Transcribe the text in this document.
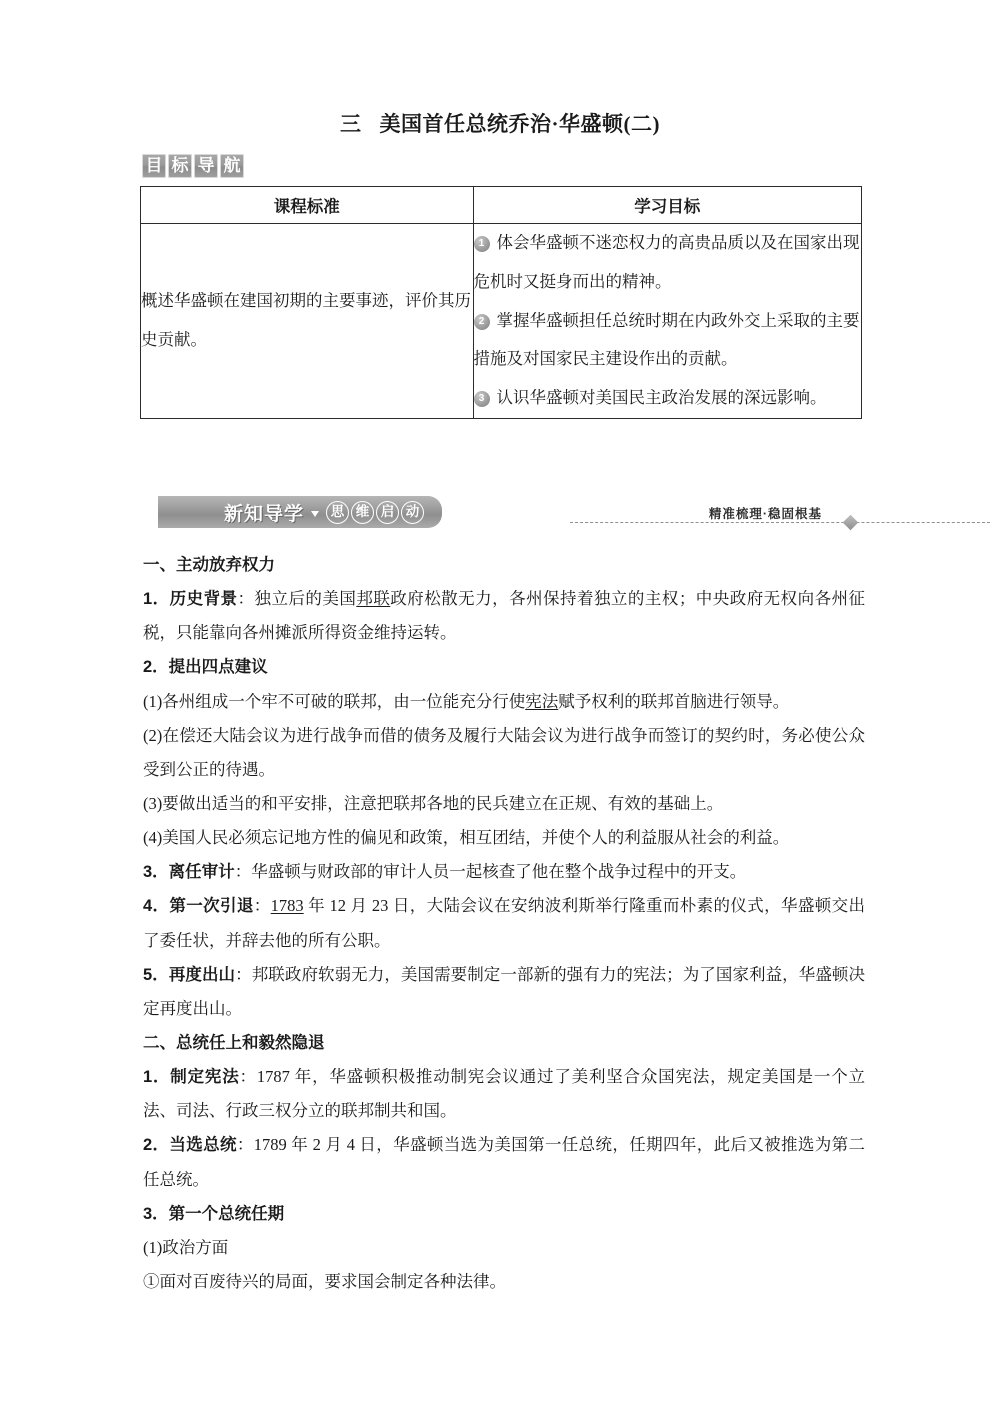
三 美国首任总统乔治·华盛顿(二)
目 标 导 航
课程标准	学习目标
概述华盛顿在建国初期的主要事迹，评价其历史贡献。	1 体会华盛顿不迷恋权力的高贵品质以及在国家出现危机时又挺身而出的精神。
2 掌握华盛顿担任总统时期在内政外交上采取的主要措施及对国家民主建设作出的贡献。
3 认识华盛顿对美国民主政治发展的深远影响。
新知导学	思 维 启 动	精准梳理·稳固根基

一、主动放弃权力

1．历史背景：独立后的美国邦联政府松散无力，各州保持着独立的主权；中央政府无权向各州征税，只能靠向各州摊派所得资金维持运转。

2．提出四点建议

(1)各州组成一个牢不可破的联邦，由一位能充分行使宪法赋予权利的联邦首脑进行领导。

(2)在偿还大陆会议为进行战争而借的债务及履行大陆会议为进行战争而签订的契约时，务必使公众受到公正的待遇。

(3)要做出适当的和平安排，注意把联邦各地的民兵建立在正规、有效的基础上。

(4)美国人民必须忘记地方性的偏见和政策，相互团结，并使个人的利益服从社会的利益。

3．离任审计：华盛顿与财政部的审计人员一起核查了他在整个战争过程中的开支。

4．第一次引退：1783 年 12 月 23 日，大陆会议在安纳波利斯举行隆重而朴素的仪式，华盛顿交出了委任状，并辞去他的所有公职。

5．再度出山：邦联政府软弱无力，美国需要制定一部新的强有力的宪法；为了国家利益，华盛顿决定再度出山。

二、总统任上和毅然隐退

1．制定宪法：1787 年，华盛顿积极推动制宪会议通过了美利坚合众国宪法，规定美国是一个立法、司法、行政三权分立的联邦制共和国。

2．当选总统：1789 年 2 月 4 日，华盛顿当选为美国第一任总统，任期四年，此后又被推选为第二任总统。

3．第一个总统任期

(1)政治方面

①面对百废待兴的局面，要求国会制定各种法律。
